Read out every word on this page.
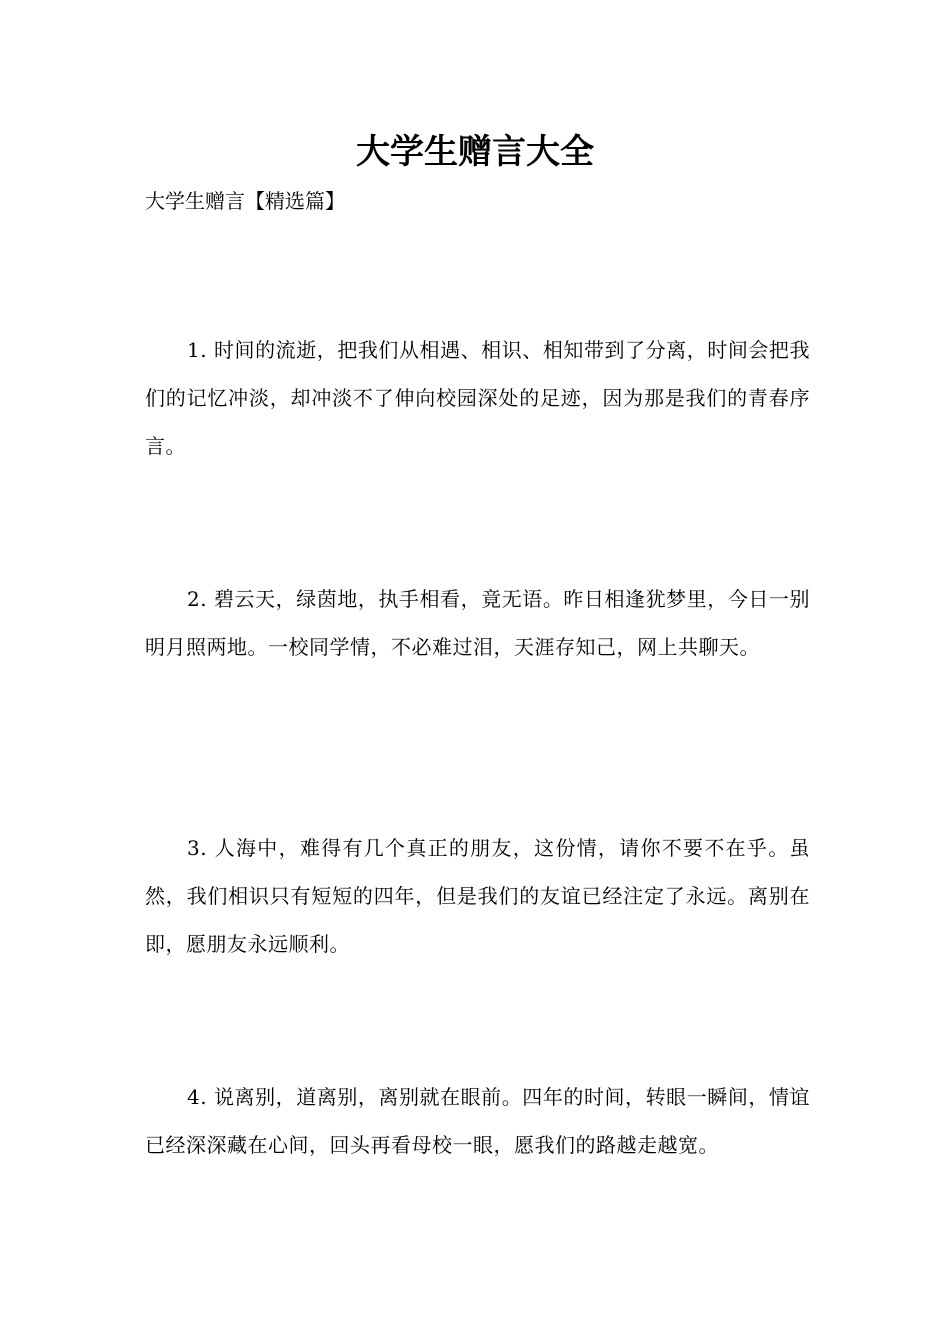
大学生赠言大全

大学生赠言【精选篇】

1. 时间的流逝，把我们从相遇、相识、相知带到了分离，时间会把我们的记忆冲淡，却冲淡不了伸向校园深处的足迹，因为那是我们的青春序言。

2. 碧云天，绿茵地，执手相看，竟无语。昨日相逢犹梦里，今日一别明月照两地。一校同学情，不必难过泪，天涯存知己，网上共聊天。

3. 人海中，难得有几个真正的朋友，这份情，请你不要不在乎。虽然，我们相识只有短短的四年，但是我们的友谊已经注定了永远。离别在即，愿朋友永远顺利。

4. 说离别，道离别，离别就在眼前。四年的时间，转眼一瞬间，情谊已经深深藏在心间，回头再看母校一眼，愿我们的路越走越宽。
